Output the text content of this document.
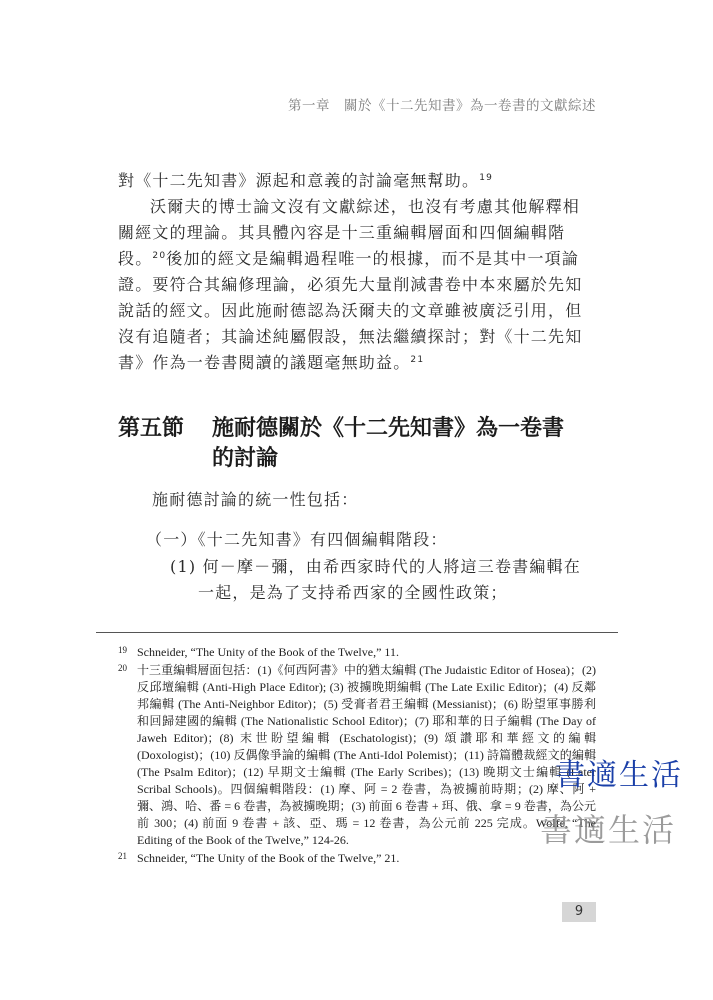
第一章　關於《十二先知書》為一卷書的文獻綜述

對《十二先知書》源起和意義的討論毫無幫助。$^{19}$

沃爾夫的博士論文沒有文獻綜述，也沒有考慮其他解釋相關經文的理論。其具體內容是十三重編輯層面和四個編輯階段。$^{20}$後加的經文是編輯過程唯一的根據，而不是其中一項論證。要符合其編修理論，必須先大量削減書卷中本來屬於先知說話的經文。因此施耐德認為沃爾夫的文章雖被廣泛引用，但沒有追隨者；其論述純屬假設，無法繼續探討；對《十二先知書》作為一卷書閱讀的議題毫無助益。$^{21}$

第五節 施耐德關於《十二先知書》為一卷書
的討論
施耐德討論的統一性包括：
（一）《十二先知書》有四個編輯階段：
(1) 何－摩－彌，由希西家時代的人將這三卷書編輯在
一起，是為了支持希西家的全國性政策；
19 Schneider, “The Unity of the Book of the Twelve,” 11.
20 十三重編輯層面包括：(1)《何西阿書》中的猶太編輯 (The Judaistic Editor of Hosea)；(2) 反邱壇編輯 (Anti-High Place Editor); (3) 被擄晚期編輯 (The Late Exilic Editor)；(4) 反鄰邦編輯 (The Anti-Neighbor Editor)；(5) 受膏者君王編輯 (Messianist)；(6) 盼望軍事勝利和回歸建國的編輯 (The Nationalistic School Editor)；(7) 耶和華的日子編輯 (The Day of Jaweh Editor)；(8) 末世盼望編輯 (Eschatologist)；(9) 頌讚耶和華經文的編輯 (Doxologist)；(10) 反偶像爭論的編輯 (The Anti-Idol Polemist)；(11) 詩篇體裁經文的編輯 (The Psalm Editor)；(12) 早期文士編輯 (The Early Scribes)；(13) 晚期文士編輯 (Later Scribal Schools)。四個編輯階段：(1) 摩、阿 = 2 卷書，為被擄前時期；(2) 摩、阿 + 彌、鴻、哈、番 = 6 卷書，為被擄晚期；(3) 前面 6 卷書 + 珥、俄、拿 = 9 卷書，為公元前 300；(4) 前面 9 卷書 + 該、亞、瑪 = 12 卷書，為公元前 225 完成。Wolfe, “The Editing of the Book of the Twelve,” 124-26.
21 Schneider, “The Unity of the Book of the Twelve,” 21.
書適生活
書適生活
9
